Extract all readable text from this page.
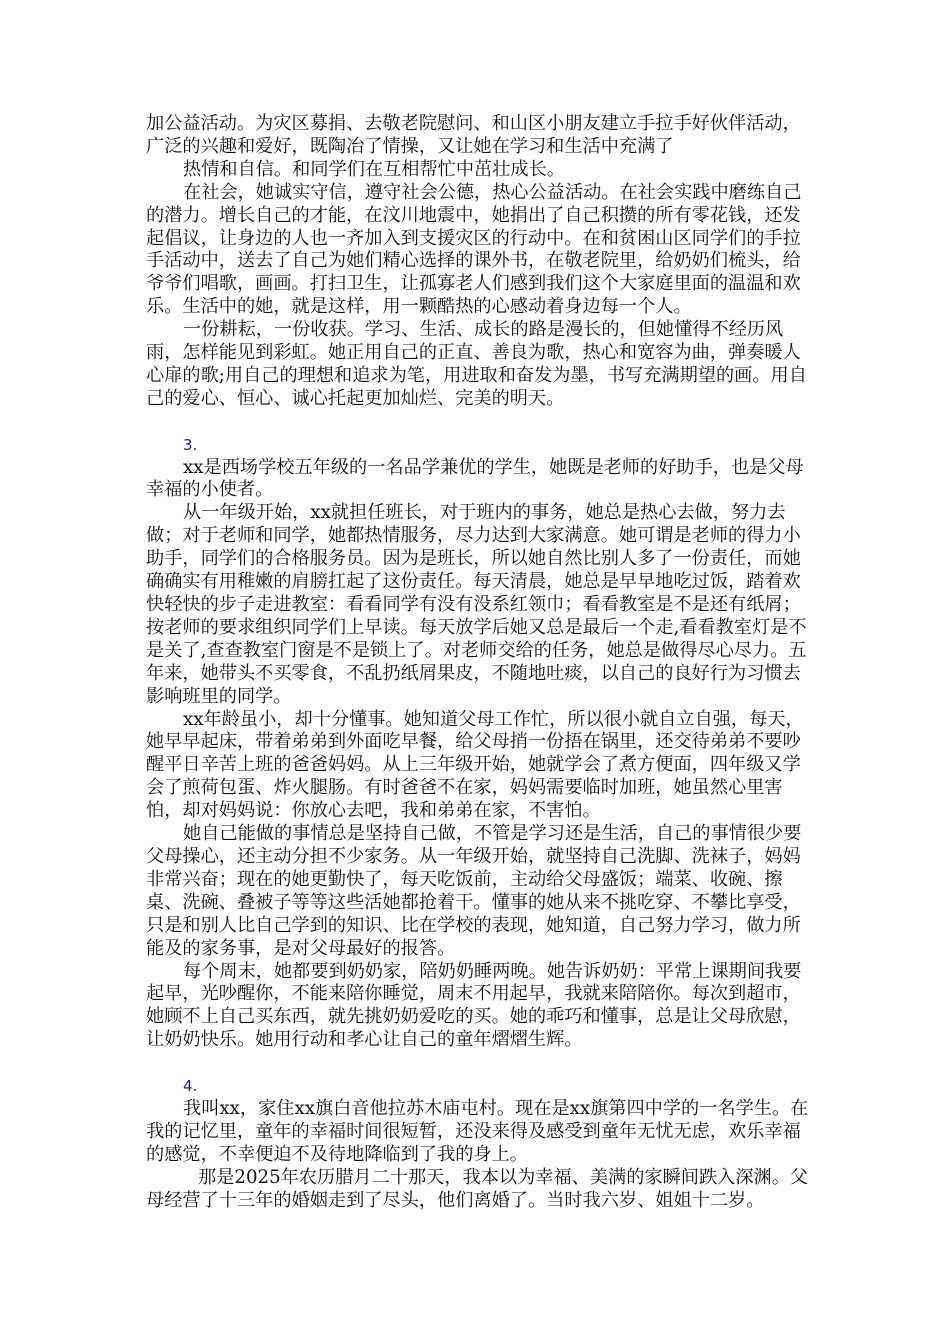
加公益活动。为灾区募捐、去敬老院慰问、和山区小朋友建立手拉手好伙伴活动，广泛的兴趣和爱好，既陶冶了情操，又让她在学习和生活中充满了

热情和自信。和同学们在互相帮忙中茁壮成长。

在社会，她诚实守信，遵守社会公德，热心公益活动。在社会实践中磨练自己的潜力。增长自己的才能，在汶川地震中，她捐出了自己积攒的所有零花钱，还发起倡议，让身边的人也一齐加入到支援灾区的行动中。在和贫困山区同学们的手拉手活动中，送去了自己为她们精心选择的课外书，在敬老院里，给奶奶们梳头，给爷爷们唱歌，画画。打扫卫生，让孤寡老人们感到我们这个大家庭里面的温温和欢乐。生活中的她，就是这样，用一颗酷热的心感动着身边每一个人。

一份耕耘，一份收获。学习、生活、成长的路是漫长的，但她懂得不经历风雨，怎样能见到彩虹。她正用自己的正直、善良为歌，热心和宽容为曲，弹奏暖人心扉的歌;用自己的理想和追求为笔，用进取和奋发为墨，书写充满期望的画。用自己的爱心、恒心、诚心托起更加灿烂、完美的明天。

3.

xx是西场学校五年级的一名品学兼优的学生，她既是老师的好助手，也是父母幸福的小使者。

从一年级开始，xx就担任班长，对于班内的事务，她总是热心去做，努力去做；对于老师和同学，她都热情服务，尽力达到大家满意。她可谓是老师的得力小助手，同学们的合格服务员。因为是班长，所以她自然比别人多了一份责任，而她确确实有用稚嫩的肩膀扛起了这份责任。每天清晨，她总是早早地吃过饭，踏着欢快轻快的步子走进教室：看看同学有没有没系红领巾；看看教室是不是还有纸屑；按老师的要求组织同学们上早读。每天放学后她又总是最后一个走,看看教室灯是不是关了,查查教室门窗是不是锁上了。对老师交给的任务，她总是做得尽心尽力。五年来，她带头不买零食，不乱扔纸屑果皮，不随地吐痰，以自己的良好行为习惯去影响班里的同学。

xx年龄虽小，却十分懂事。她知道父母工作忙，所以很小就自立自强，每天，她早早起床，带着弟弟到外面吃早餐，给父母捎一份捂在锅里，还交待弟弟不要吵醒平日辛苦上班的爸爸妈妈。从上三年级开始，她就学会了煮方便面，四年级又学会了煎荷包蛋、炸火腿肠。有时爸爸不在家，妈妈需要临时加班，她虽然心里害怕，却对妈妈说：你放心去吧，我和弟弟在家，不害怕。

她自己能做的事情总是坚持自己做，不管是学习还是生活，自己的事情很少要父母操心，还主动分担不少家务。从一年级开始，就坚持自己洗脚、洗袜子，妈妈非常兴奋；现在的她更勤快了，每天吃饭前，主动给父母盛饭；端菜、收碗、擦桌、洗碗、叠被子等等这些活她都抢着干。懂事的她从来不挑吃穿、不攀比享受，只是和别人比自己学到的知识、比在学校的表现，她知道，自己努力学习，做力所能及的家务事，是对父母最好的报答。

每个周末，她都要到奶奶家，陪奶奶睡两晚。她告诉奶奶：平常上课期间我要起早，光吵醒你，不能来陪你睡觉，周末不用起早，我就来陪陪你。每次到超市，她顾不上自己买东西，就先挑奶奶爱吃的买。她的乖巧和懂事，总是让父母欣慰，让奶奶快乐。她用行动和孝心让自己的童年熠熠生辉。

4.

我叫xx，家住xx旗白音他拉苏木庙屯村。现在是xx旗第四中学的一名学生。在我的记忆里，童年的幸福时间很短暂，还没来得及感受到童年无忧无虑，欢乐幸福的感觉，不幸便迫不及待地降临到了我的身上。

那是2025年农历腊月二十那天，我本以为幸福、美满的家瞬间跌入深渊。父母经营了十三年的婚姻走到了尽头，他们离婚了。当时我六岁、姐姐十二岁。
